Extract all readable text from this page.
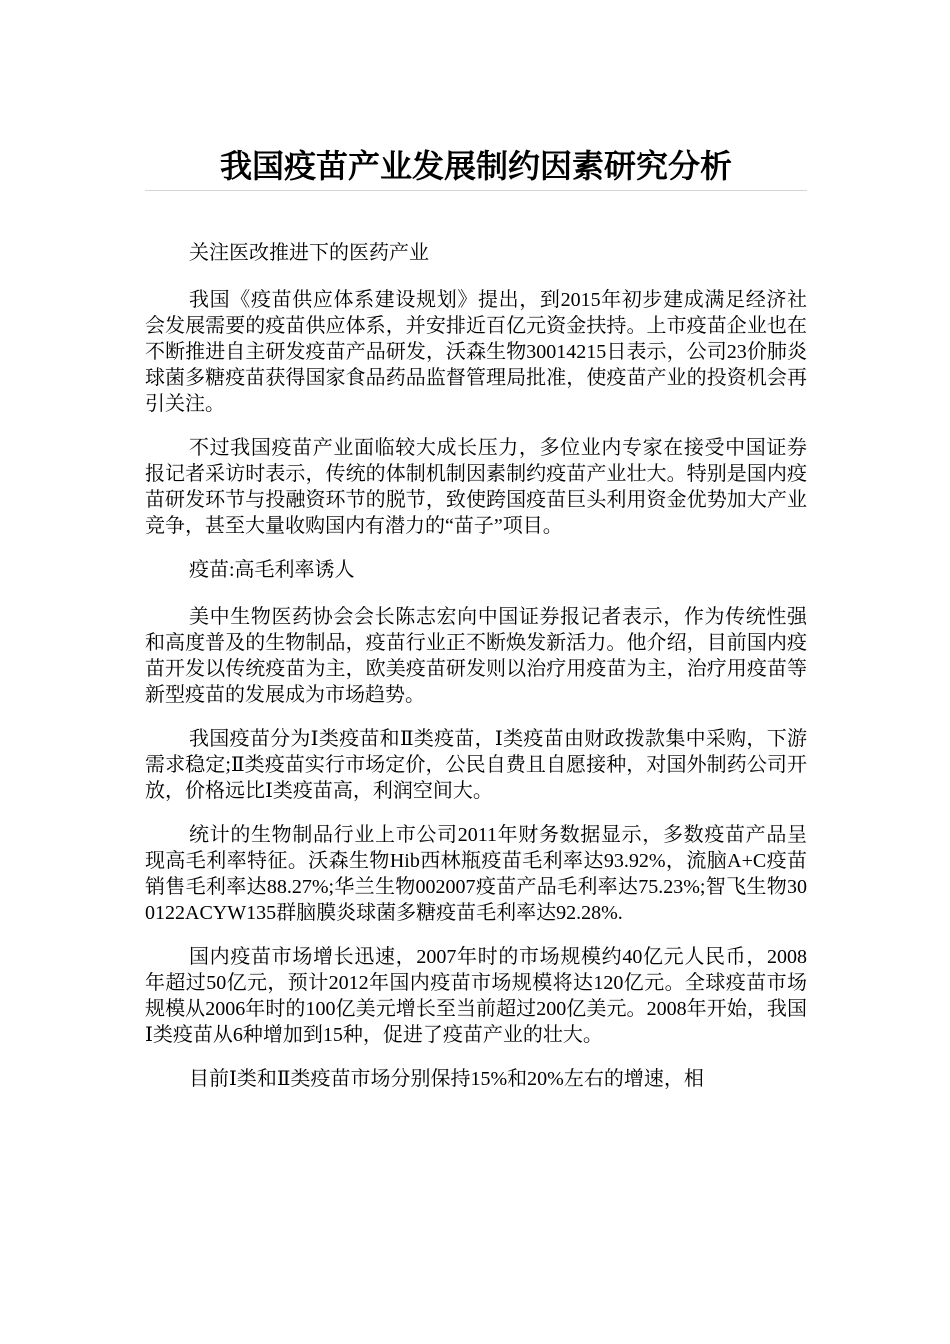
我国疫苗产业发展制约因素研究分析

关注医改推进下的医药产业

我国《疫苗供应体系建设规划》提出，到2015年初步建成满足经济社会发展需要的疫苗供应体系，并安排近百亿元资金扶持。上市疫苗企业也在不断推进自主研发疫苗产品研发，沃森生物30014215日表示，公司23价肺炎球菌多糖疫苗获得国家食品药品监督管理局批准，使疫苗产业的投资机会再引关注。

不过我国疫苗产业面临较大成长压力，多位业内专家在接受中国证券报记者采访时表示，传统的体制机制因素制约疫苗产业壮大。特别是国内疫苗研发环节与投融资环节的脱节，致使跨国疫苗巨头利用资金优势加大产业竞争，甚至大量收购国内有潜力的“苗子”项目。

疫苗:高毛利率诱人

美中生物医药协会会长陈志宏向中国证券报记者表示，作为传统性强和高度普及的生物制品，疫苗行业正不断焕发新活力。他介绍，目前国内疫苗开发以传统疫苗为主，欧美疫苗研发则以治疗用疫苗为主，治疗用疫苗等新型疫苗的发展成为市场趋势。

我国疫苗分为Ⅰ类疫苗和Ⅱ类疫苗，Ⅰ类疫苗由财政拨款集中采购，下游需求稳定;Ⅱ类疫苗实行市场定价，公民自费且自愿接种，对国外制药公司开放，价格远比Ⅰ类疫苗高，利润空间大。

统计的生物制品行业上市公司2011年财务数据显示，多数疫苗产品呈现高毛利率特征。沃森生物Hib西林瓶疫苗毛利率达93.92%，流脑A+C疫苗销售毛利率达88.27%;华兰生物002007疫苗产品毛利率达75.23%;智飞生物300122ACYW135群脑膜炎球菌多糖疫苗毛利率达92.28%.

国内疫苗市场增长迅速，2007年时的市场规模约40亿元人民币，2008年超过50亿元，预计2012年国内疫苗市场规模将达120亿元。全球疫苗市场规模从2006年时的100亿美元增长至当前超过200亿美元。2008年开始，我国Ⅰ类疫苗从6种增加到15种，促进了疫苗产业的壮大。

目前Ⅰ类和Ⅱ类疫苗市场分别保持15%和20%左右的增速，相
